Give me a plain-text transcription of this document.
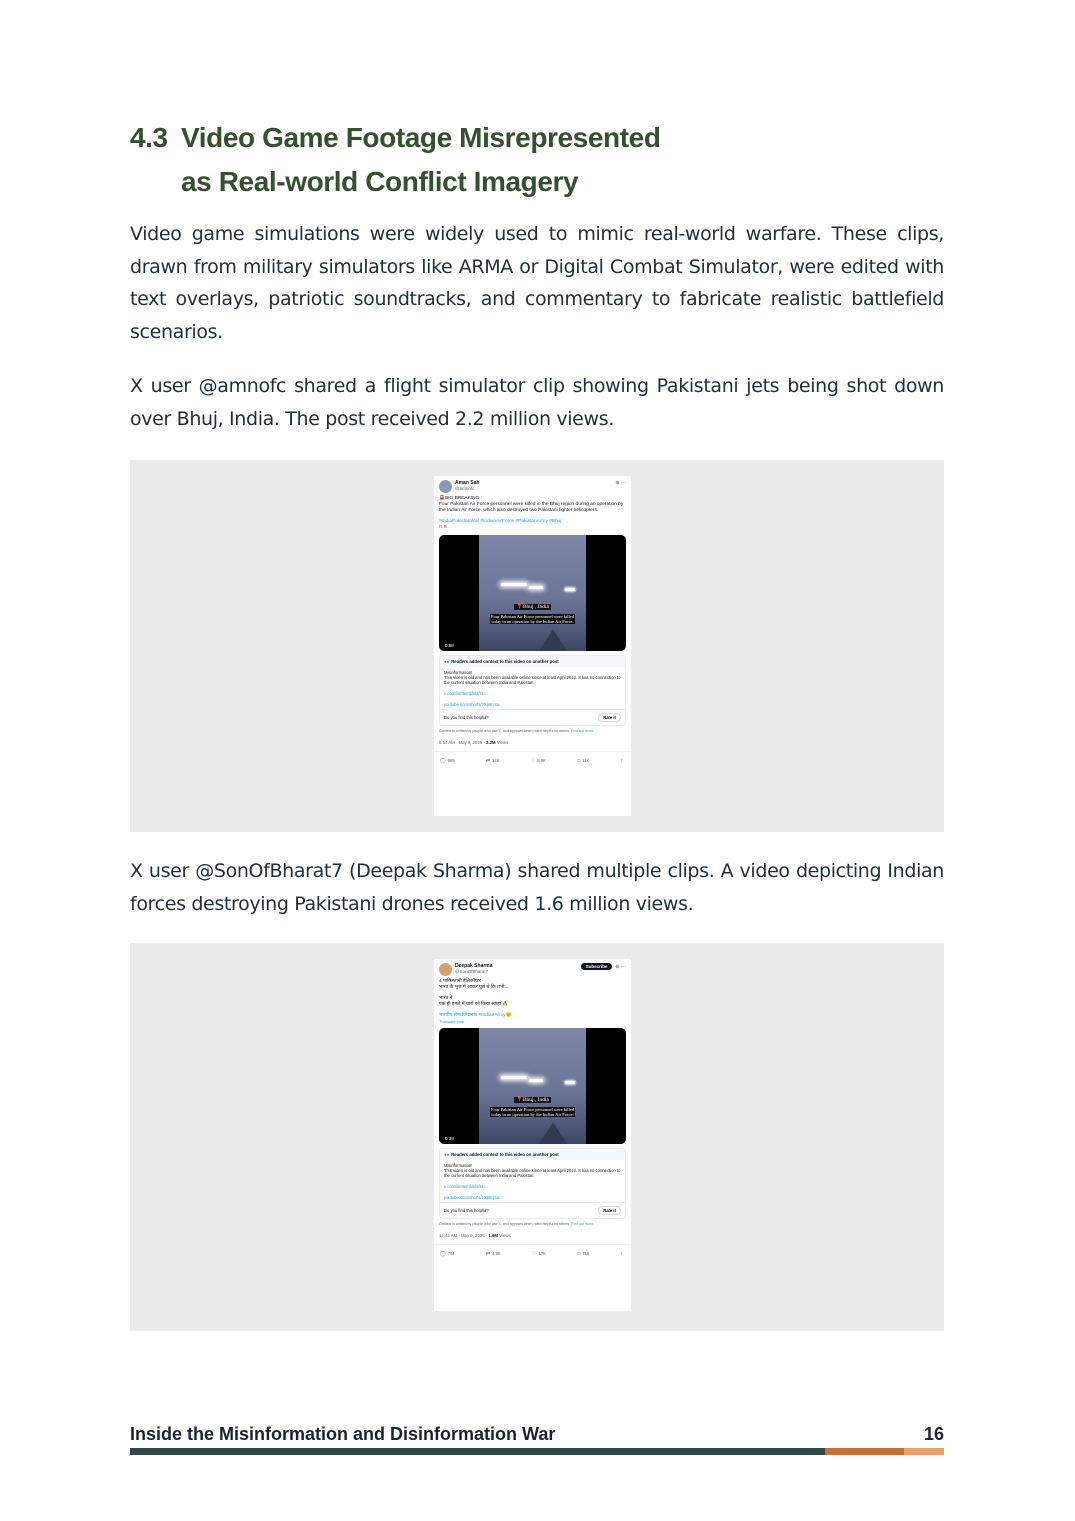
4.3 Video Game Footage Misrepresented
as Real-world Conflict Imagery

Video game simulations were widely used to mimic real-world warfare. These clips, drawn from military simulators like ARMA or Digital Combat Simulator, were edited with text overlays, patriotic soundtracks, and commentary to fabricate realistic battlefield scenarios.

X user @amnofc shared a flight simulator clip showing Pakistani jets being shot down over Bhuj, India. The post received 2.2 million views.

Aman Sah
@amnofc
⊕ ···
🚨BIG BREAKING :
Four Pakistan Air Force personnel were killed in the Bhuj region during an operation by the Indian Air Force, which also destroyed two Pakistani fighter helicopters.
#IndiaPakistanWar #IndianAirForce #PakistanArmy #Bhuj
!! !!
📍Bhuj , India
Four Pakistan Air Force personnel were killed
today in an operation by the Indian Air Force.
0:58
●● Readers added context to this video on another post
Misinformation!
This video is old and has been available online since at least April 2022. It has no connection to the current situation between India and Pakistan.
x.com/ilimtemblets/st...
youtube.com/shorts/zXp9rcsa...
Do you find this helpful?	Rate it
Context is written by people who use X, and appears when rated helpful by others. Find out more.
5:54 AM · May 8, 2025 · 2.2M Views
◯ 989	⇄ 13K	♡ 8.9K	□ 11K	↑

X user @SonOfBharat7 (Deepak Sharma) shared multiple clips. A video depicting Indian forces destroying Pakistani drones received 1.6 million views.

Deepak Sharma
@SonOfBharat7
Subscribe	⊕ ···
4 पाकिस्तानी हेलिकॉप्टर
भारत के भुज में आकर घुसे थे कि तभी...
भारत ने
एक ही हमले में चारों को किया स्वाहा 🔥
भारतीय सेना जिंदाबाद #IndianArmy🌞
Translate post
📍Bhuj , India
Four Pakistan Air Force personnel were killed
today in an operation by the Indian Air Force.
0:38
●● Readers added context to this video on another post
Misinformation!
This video is old and has been available online since at least April 2022. It has no connection to the current situation between India and Pakistan.
x.com/ilimtemblets/st...
youtube.com/shorts/zXp9rcsa...
Do you find this helpful?	Rate it
Context is written by people who use X, and appears when rated helpful by others. Find out more.
12:43 AM · May 9, 2025 · 1.6M Views
◯ 784	⇄ 4.9K	♡ 17K	□ 716	↑
Inside the Misinformation and Disinformation War	16
